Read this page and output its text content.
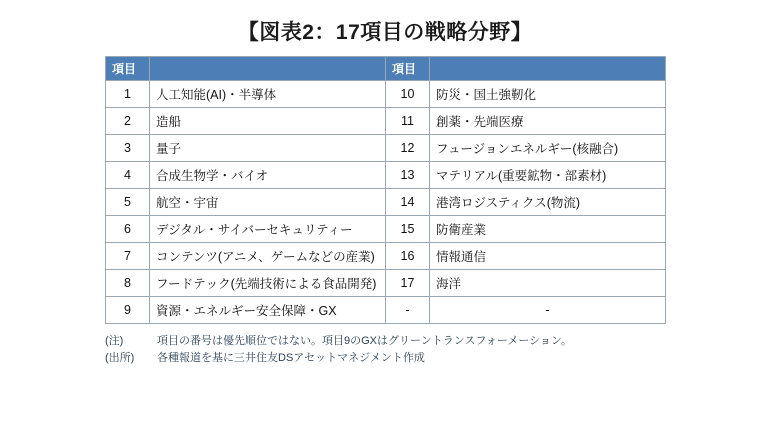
【図表2：17項目の戦略分野】
項目		項目	
1	人工知能(AI)・半導体	10	防災・国土強靭化
2	造船	11	創薬・先端医療
3	量子	12	フュージョンエネルギー(核融合)
4	合成生物学・バイオ	13	マテリアル(重要鉱物・部素材)
5	航空・宇宙	14	港湾ロジスティクス(物流)
6	デジタル・サイバーセキュリティー	15	防衛産業
7	コンテンツ(アニメ、ゲームなどの産業)	16	情報通信
8	フードテック(先端技術による食品開発)	17	海洋
9	資源・エネルギー安全保障・GX	-	-
(注)	項目の番号は優先順位ではない。項目9のGXはグリーントランスフォーメーション。
(出所)	各種報道を基に三井住友DSアセットマネジメント作成
